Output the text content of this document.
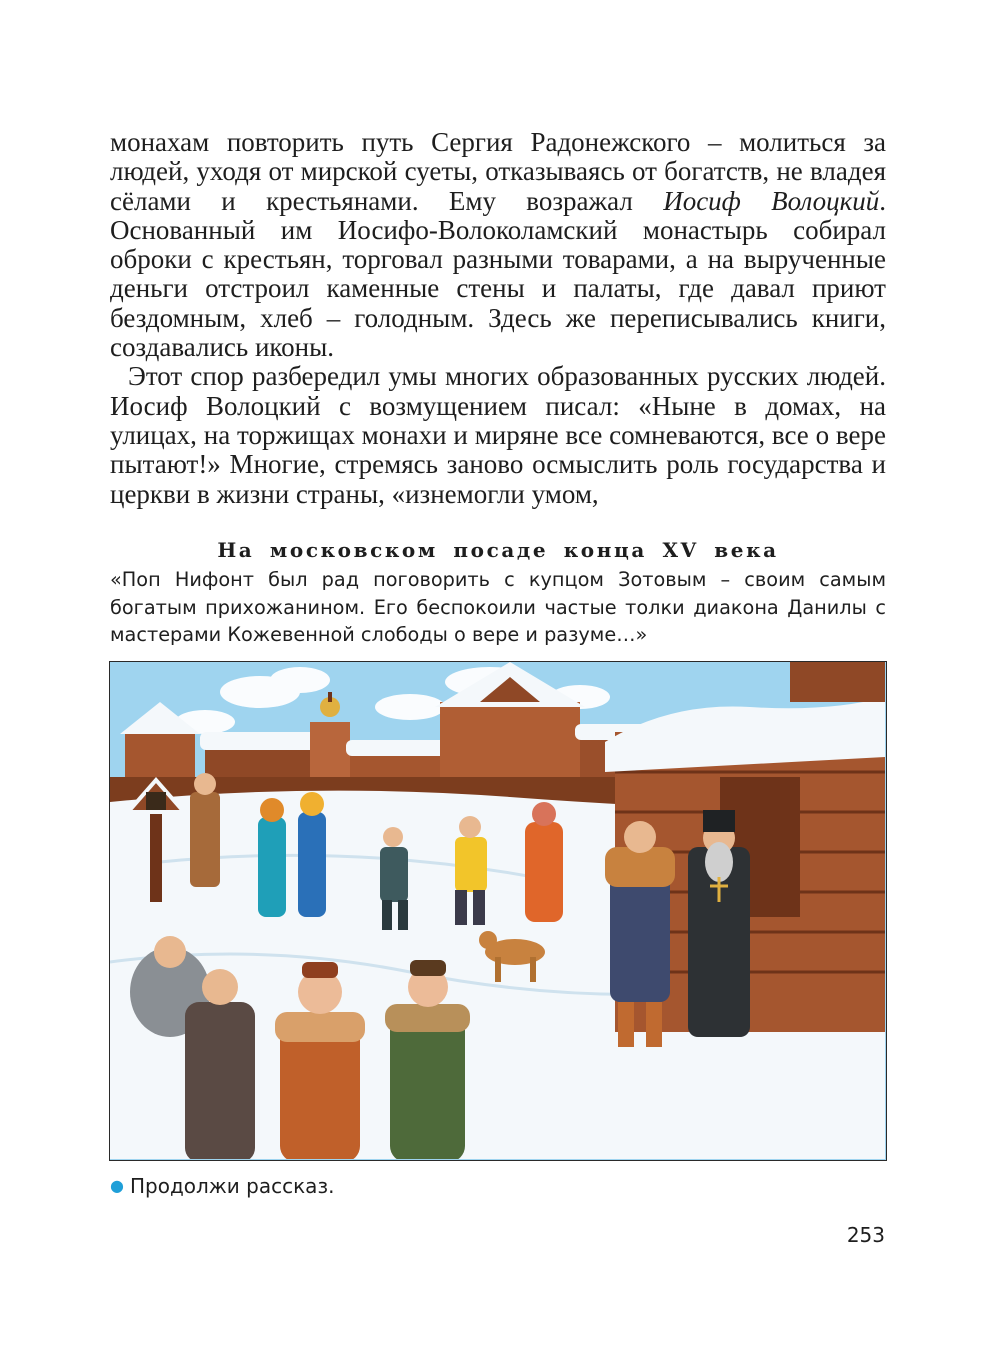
монахам повторить путь Сергия Радонежского – молиться за людей, уходя от мирской суеты, отказываясь от богатств, не владея сёлами и крестьянами. Ему возражал Иосиф Волоцкий. Основанный им Иосифо-Волоколамский монастырь собирал оброки с крестьян, торговал разными товарами, а на вырученные деньги отстроил каменные стены и палаты, где давал приют бездомным, хлеб – голодным. Здесь же переписывались книги, создавались иконы.

Этот спор разбередил умы многих образованных русских людей. Иосиф Волоцкий с возмущением писал: «Ныне в домах, на улицах, на торжищах монахи и миряне все сомневаются, все о вере пытают!» Многие, стремясь заново осмыслить роль государства и церкви в жизни страны, «изнемогли умом,

На московском посаде конца XV века
«Поп Нифонт был рад поговорить с купцом Зотовым – своим самым богатым прихожанином. Его беспокоили частые толки диакона Данилы с мастерами Кожевенной слободы о вере и разуме…»
● Продолжи рассказ.
253
